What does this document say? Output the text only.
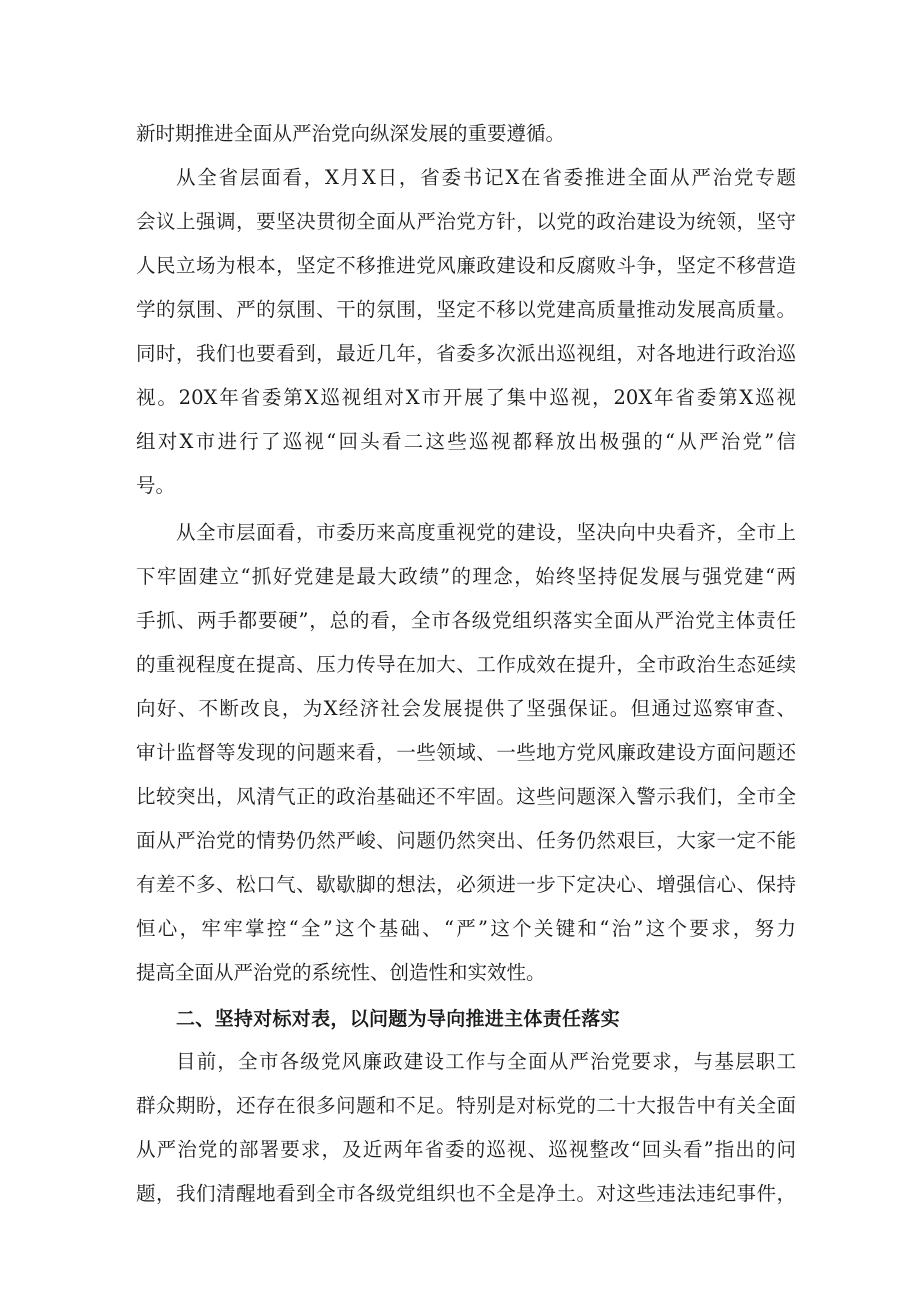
新时期推进全面从严治党向纵深发展的重要遵循。
从全省层面看，X月X日，省委书记X在省委推进全面从严治党专题
会议上强调，要坚决贯彻全面从严治党方针，以党的政治建设为统领，坚守
人民立场为根本，坚定不移推进党风廉政建设和反腐败斗争，坚定不移营造
学的氛围、严的氛围、干的氛围，坚定不移以党建高质量推动发展高质量。
同时，我们也要看到，最近几年，省委多次派出巡视组，对各地进行政治巡
视。20X年省委第X巡视组对X市开展了集中巡视，20X年省委第X巡视
组对X市进行了巡视“回头看二这些巡视都释放出极强的“从严治党”信
号。
从全市层面看，市委历来高度重视党的建设，坚决向中央看齐，全市上
下牢固建立“抓好党建是最大政绩”的理念，始终坚持促发展与强党建“两
手抓、两手都要硬”，总的看，全市各级党组织落实全面从严治党主体责任
的重视程度在提高、压力传导在加大、工作成效在提升，全市政治生态延续
向好、不断改良，为X经济社会发展提供了坚强保证。但通过巡察审查、
审计监督等发现的问题来看，一些领域、一些地方党风廉政建设方面问题还
比较突出，风清气正的政治基础还不牢固。这些问题深入警示我们，全市全
面从严治党的情势仍然严峻、问题仍然突出、任务仍然艰巨，大家一定不能
有差不多、松口气、歇歇脚的想法，必须进一步下定决心、增强信心、保持
恒心，牢牢掌控“全”这个基础、“严”这个关键和“治”这个要求，努力
提高全面从严治党的系统性、创造性和实效性。
二、坚持对标对表，以问题为导向推进主体责任落实
目前，全市各级党风廉政建设工作与全面从严治党要求，与基层职工
群众期盼，还存在很多问题和不足。特别是对标党的二十大报告中有关全面
从严治党的部署要求，及近两年省委的巡视、巡视整改“回头看”指出的问
题，我们清醒地看到全市各级党组织也不全是净土。对这些违法违纪事件，
